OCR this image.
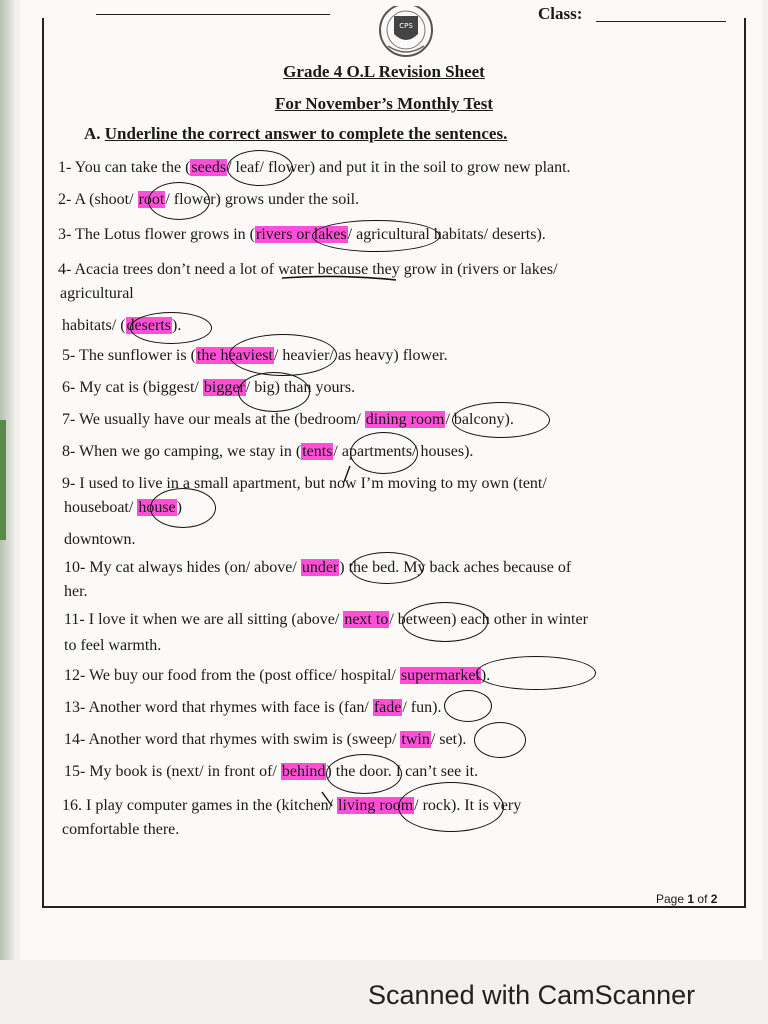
CPS
Class:
Grade 4 O.L Revision Sheet
For November’s Monthly Test
A. Underline the correct answer to complete the sentences.
1- You can take the (seeds/ leaf/ flower) and put it in the soil to grow new plant.
2- A (shoot/ root/ flower) grows under the soil.
3- The Lotus flower grows in (rivers or lakes/ agricultural habitats/ deserts).
4- Acacia trees don’t need a lot of water because they grow in (rivers or lakes/
agricultural
habitats/ (deserts).
5- The sunflower is (the heaviest/ heavier/ as heavy) flower.
6- My cat is (biggest/ bigger/ big) than yours.
7- We usually have our meals at the (bedroom/ dining room/ balcony).
8- When we go camping, we stay in (tents/ apartments/ houses).
9- I used to live in a small apartment, but now I’m moving to my own (tent/
houseboat/ house)
downtown.
10- My cat always hides (on/ above/ under) the bed. My back aches because of
her.
11- I love it when we are all sitting (above/ next to/ between) each other in winter
to feel warmth.
12- We buy our food from the (post office/ hospital/ supermarket).
13- Another word that rhymes with face is (fan/ fade/ fun).
14- Another word that rhymes with swim is (sweep/ twin/ set).
15- My book is (next/ in front of/ behind) the door. I can’t see it.
16. I play computer games in the (kitchen/ living room/ rock). It is very
comfortable there.
Page 1 of 2
Scanned with CamScanner
